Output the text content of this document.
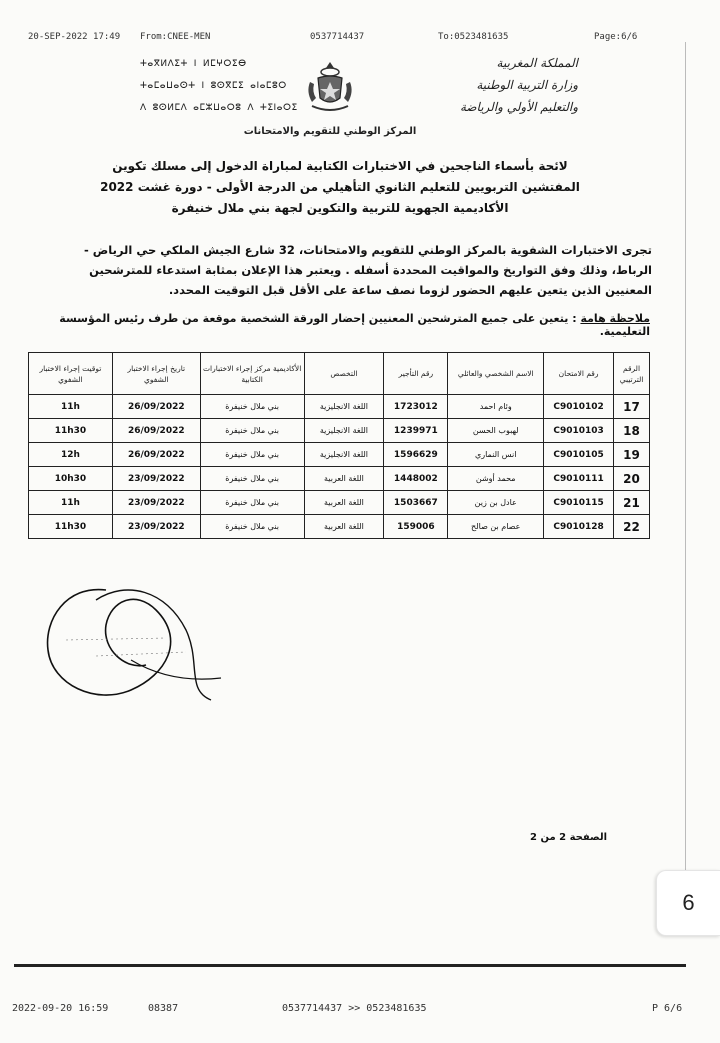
20-SEP-2022 17:49 From:CNEE-MEN	0537714437	To:0523481635	Page:6/6
ⵜⴰⴳⵍⴷⵉⵜ ⵏ ⵍⵎⵖⵔⵉⴱ
ⵜⴰⵎⴰⵡⴰⵙⵜ ⵏ ⵓⵙⴳⵎⵉ ⴰⵏⴰⵎⵓⵔ
ⴷ ⵓⵙⵍⵎⴷ ⴰⵎⵣⵡⴰⵔⵓ ⴷ ⵜⵉⵏⴰⵔⵉ
المملكة المغربية
وزارة التربية الوطنية
والتعليم الأولي والرياضة
المركز الوطني للتقويم والامتحانات
لائحة بأسماء الناجحين في الاختبارات الكتابية لمباراة الدخول إلى مسلك تكوين
المفتشين التربويين للتعليم الثانوي التأهيلي من الدرجة الأولى - دورة غشت 2022
الأكاديمية الجهوية للتربية والتكوين لجهة بني ملال خنيفرة
تجرى الاختبارات الشفوية بالمركز الوطني للتقويم والامتحانات، 32 شارع الجيش الملكي حي الرياض - الرباط، وذلك وفق التواريخ والمواقيت المحددة أسفله . ويعتبر هذا الإعلان بمثابة استدعاء للمترشحين المعنيين الذين يتعين عليهم الحضور لزوما نصف ساعة على الأقل قبل التوقيت المحدد.
ملاحظة هامة : يتعين على جميع المترشحين المعنيين إحضار الورقة الشخصية موقعة من طرف رئيس المؤسسة التعليمية.
الرقم الترتيبي	رقم الامتحان	الاسم الشخصي والعائلي	رقم التأجير	التخصص	الأكاديمية مركز إجراء الاختبارات الكتابية	تاريخ إجراء الاختبار الشفوي	توقيت إجراء الاختبار الشفوي
17	C9010102	وئام احمد	1723012	اللغة الانجليزية	بني ملال خنيفرة	26/09/2022	11h
18	C9010103	لهبوب الحسن	1239971	اللغة الانجليزية	بني ملال خنيفرة	26/09/2022	11h30
19	C9010105	انس النماري	1596629	اللغة الانجليزية	بني ملال خنيفرة	26/09/2022	12h
20	C9010111	محمد أوشن	1448002	اللغة العربية	بني ملال خنيفرة	23/09/2022	10h30
21	C9010115	عادل بن زين	1503667	اللغة العربية	بني ملال خنيفرة	23/09/2022	11h
22	C9010128	عصام بن صالح	159006	اللغة العربية	بني ملال خنيفرة	23/09/2022	11h30
الصفحة 2 من 2
6
2022-09-20 16:59	08387	0537714437 >> 0523481635	P 6/6
